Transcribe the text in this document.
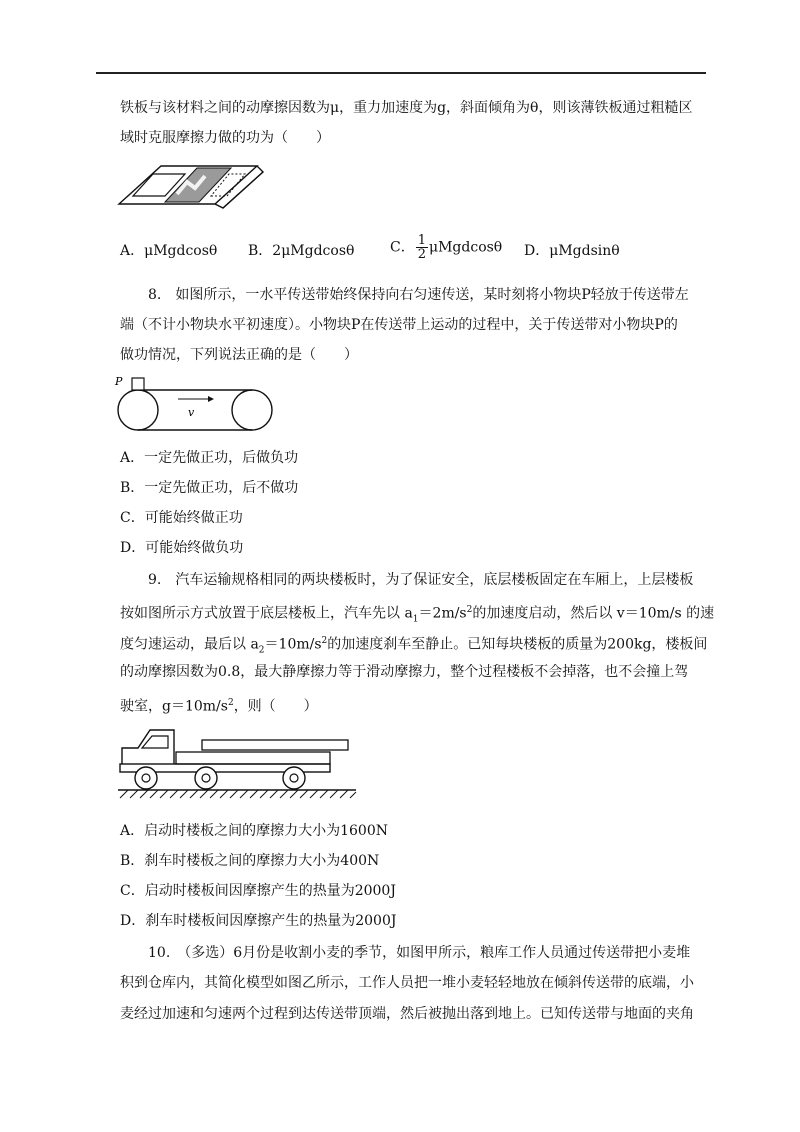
铁板与该材料之间的动摩擦因数为μ，重力加速度为g，斜面倾角为θ，则该薄铁板通过粗糙区
域时克服摩擦力做的功为（　　）
A．μMgdcosθ B．2μMgdcosθ	C． $\frac{1}{2}$ μMgdcosθ D．μMgdsinθ
8.　如图所示，一水平传送带始终保持向右匀速传送，某时刻将小物块P轻放于传送带左
端（不计小物块水平初速度）。小物块P在传送带上运动的过程中，关于传送带对小物块P的
做功情况，下列说法正确的是（　　）
P
v
A．一定先做正功，后做负功
B．一定先做正功，后不做功
C．可能始终做正功
D．可能始终做负功
9.　汽车运输规格相同的两块楼板时，为了保证安全，底层楼板固定在车厢上，上层楼板
按如图所示方式放置于底层楼板上，汽车先以 $a_1=2m/s^2$的加速度启动，然后以 v＝10m/s 的速
度匀速运动，最后以 $a_2=10m/s^2$的加速度刹车至静止。已知每块楼板的质量为200kg，楼板间
的动摩擦因数为0.8，最大静摩擦力等于滑动摩擦力，整个过程楼板不会掉落，也不会撞上驾
驶室，$g=10m/s^2$，则（　　）
A．启动时楼板之间的摩擦力大小为1600N
B．刹车时楼板之间的摩擦力大小为400N
C．启动时楼板间因摩擦产生的热量为2000J
D．刹车时楼板间因摩擦产生的热量为2000J
10.　（多选）6月份是收割小麦的季节，如图甲所示，粮库工作人员通过传送带把小麦堆
积到仓库内，其简化模型如图乙所示，工作人员把一堆小麦轻轻地放在倾斜传送带的底端，小
麦经过加速和匀速两个过程到达传送带顶端，然后被抛出落到地上。已知传送带与地面的夹角
